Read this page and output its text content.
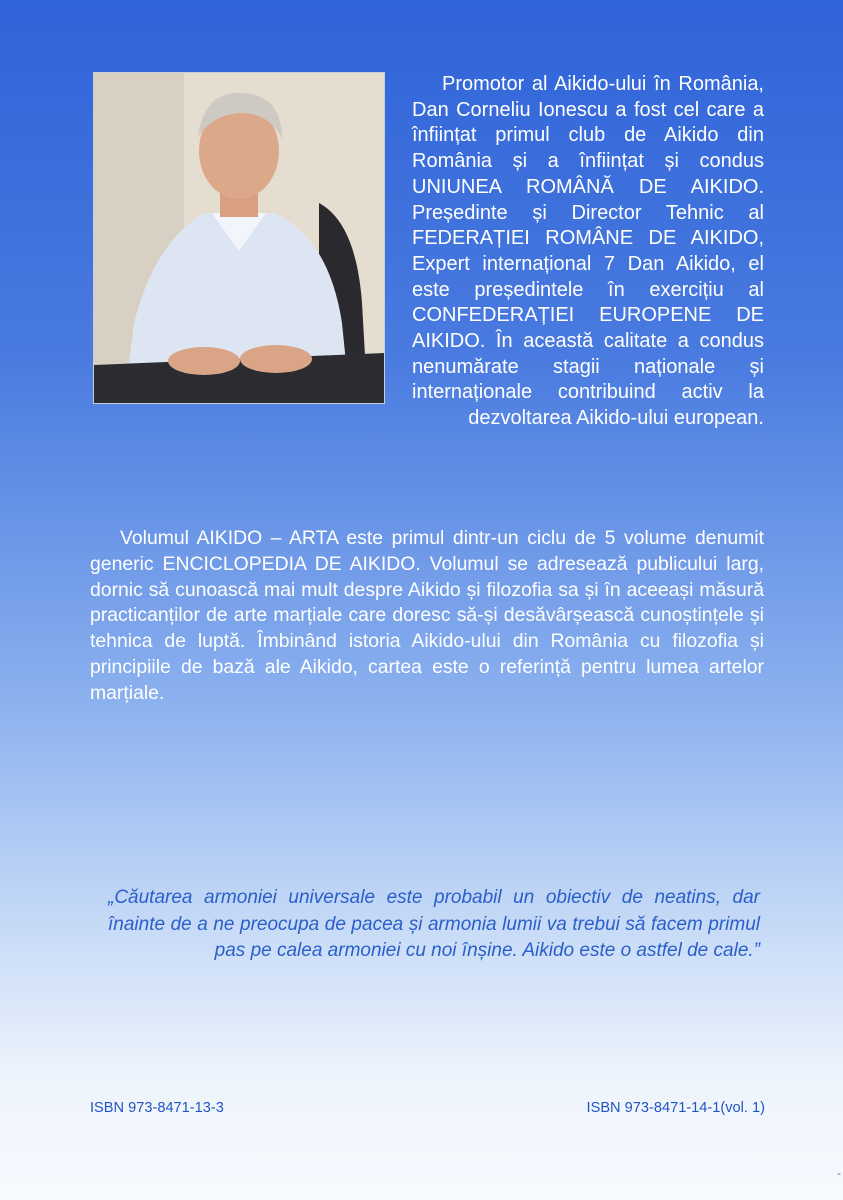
Promotor al Aikido-ului în România, Dan Corneliu Ionescu a fost cel care a înființat primul club de Aikido din România și a înființat și condus UNIUNEA ROMÂNĂ DE AIKIDO. Președinte și Director Tehnic al FEDERAȚIEI ROMÂNE DE AIKIDO, Expert internațional 7 Dan Aikido, el este președintele în exercițiu al CONFEDERAȚIEI EUROPENE DE AIKIDO. În această calitate a condus nenumărate stagii naționale și internaționale contribuind activ la dezvoltarea Aikido-ului european.

Volumul AIKIDO – ARTA este primul dintr-un ciclu de 5 volume denumit generic ENCICLOPEDIA DE AIKIDO. Volumul se adresează publicului larg, dornic să cunoască mai mult despre Aikido și filozofia sa și în aceeași măsură practicanților de arte marțiale care doresc să-și desăvârșească cunoștințele și tehnica de luptă. Îmbinând istoria Aikido-ului din România cu filozofia și principiile de bază ale Aikido, cartea este o referință pentru lumea artelor marțiale.

„Căutarea armoniei universale este probabil un obiectiv de neatins, dar înainte de a ne preocupa de pacea și armonia lumii va trebui să facem primul pas pe calea armoniei cu noi înșine. Aikido este o astfel de cale.”
ISBN 973-8471-13-3	ISBN 973-8471-14-1(vol. 1)
-
